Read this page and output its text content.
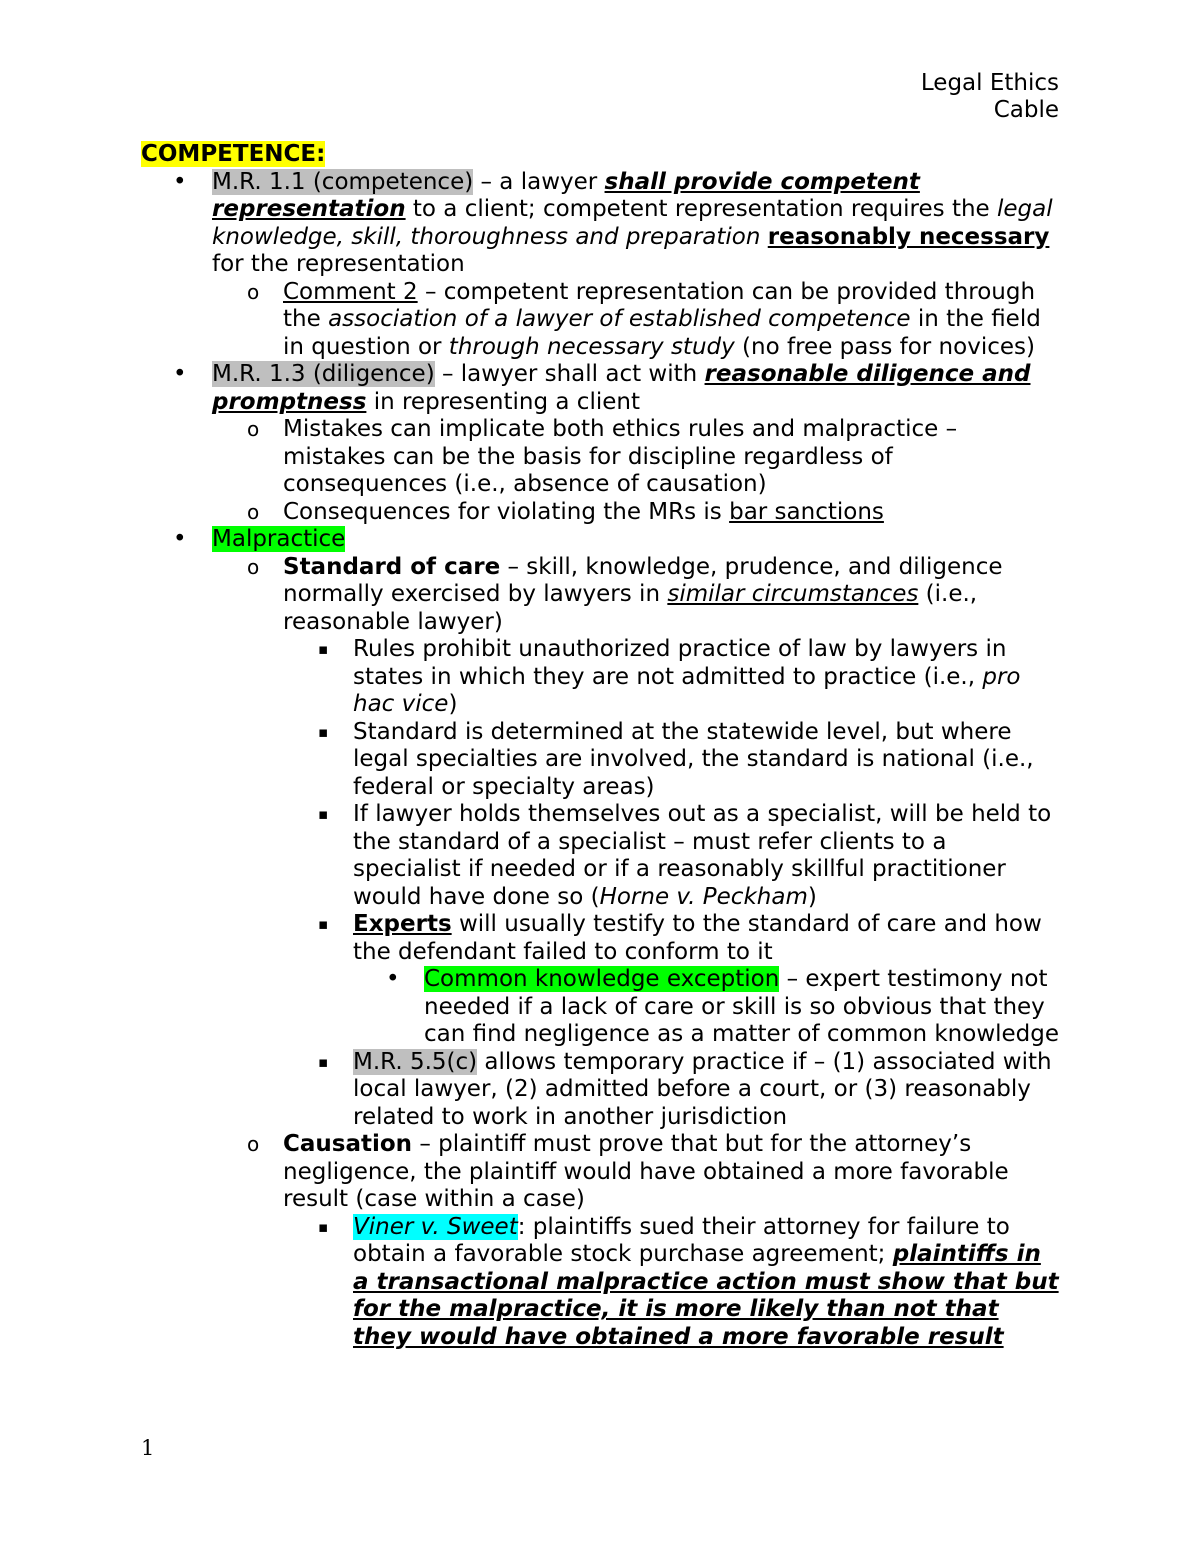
Legal Ethics
Cable
COMPETENCE:
• M.R. 1.1 (competence) – a lawyer shall provide competent representation to a client; competent representation requires the legal knowledge, skill, thoroughness and preparation reasonably necessary for the representation
o Comment 2 – competent representation can be provided through the association of a lawyer of established competence in the field in question or through necessary study (no free pass for novices)
• M.R. 1.3 (diligence) – lawyer shall act with reasonable diligence and promptness in representing a client
o Mistakes can implicate both ethics rules and malpractice – mistakes can be the basis for discipline regardless of consequences (i.e., absence of causation)
o Consequences for violating the MRs is bar sanctions
• Malpractice
o Standard of care – skill, knowledge, prudence, and diligence normally exercised by lawyers in similar circumstances (i.e., reasonable lawyer)
▪ Rules prohibit unauthorized practice of law by lawyers in states in which they are not admitted to practice (i.e., pro hac vice)
▪ Standard is determined at the statewide level, but where legal specialties are involved, the standard is national (i.e., federal or specialty areas)
▪ If lawyer holds themselves out as a specialist, will be held to the standard of a specialist – must refer clients to a specialist if needed or if a reasonably skillful practitioner would have done so (Horne v. Peckham)
▪ Experts will usually testify to the standard of care and how the defendant failed to conform to it
• Common knowledge exception – expert testimony not needed if a lack of care or skill is so obvious that they can find negligence as a matter of common knowledge
▪ M.R. 5.5(c) allows temporary practice if – (1) associated with local lawyer, (2) admitted before a court, or (3) reasonably related to work in another jurisdiction
o Causation – plaintiff must prove that but for the attorney’s negligence, the plaintiff would have obtained a more favorable result (case within a case)
▪ Viner v. Sweet: plaintiffs sued their attorney for failure to obtain a favorable stock purchase agreement; plaintiffs in a transactional malpractice action must show that but for the malpractice, it is more likely than not that they would have obtained a more favorable result
1
